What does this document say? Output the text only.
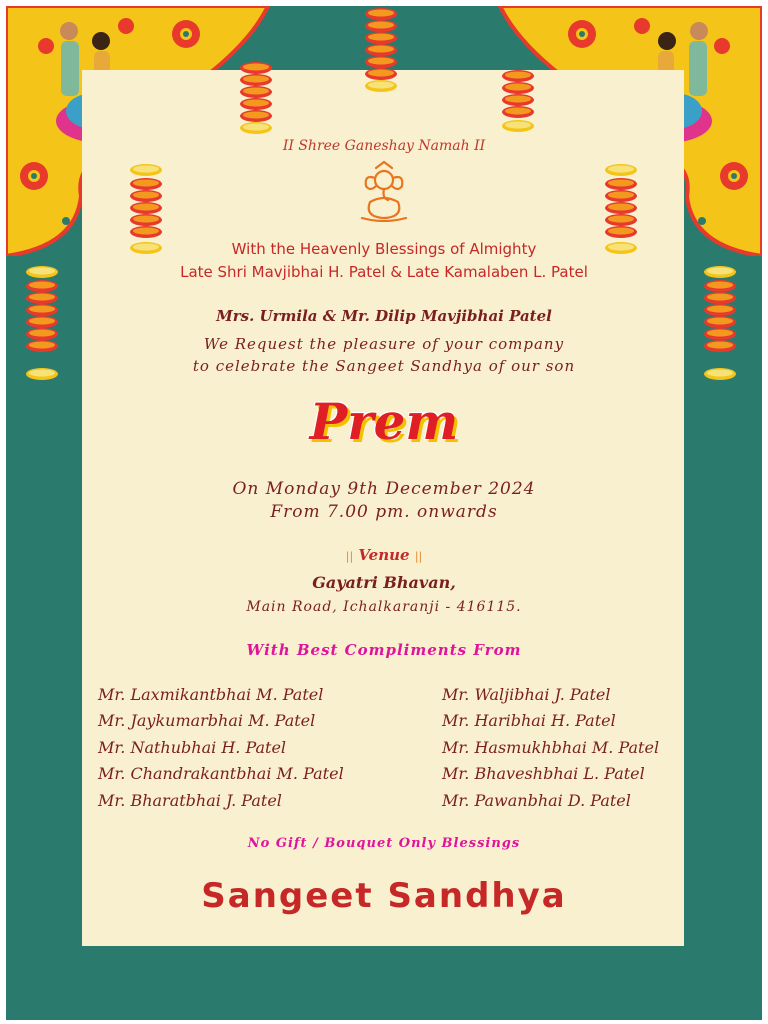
II Shree Ganeshay Namah II
With the Heavenly Blessings of Almighty
Late Shri Mavjibhai H. Patel & Late Kamalaben L. Patel
Mrs. Urmila & Mr. Dilip Mavjibhai Patel
We Request the pleasure of your company
to celebrate the Sangeet Sandhya of our son
Prem
On Monday 9th December 2024
From 7.00 pm. onwards
|| Venue ||
Gayatri Bhavan,
Main Road, Ichalkaranji - 416115.
With Best Compliments From
Mr. Laxmikantbhai M. Patel
Mr. Jaykumarbhai M. Patel
Mr. Nathubhai H. Patel
Mr. Chandrakantbhai M. Patel
Mr. Bharatbhai J. Patel
Mr. Waljibhai J. Patel
Mr. Haribhai H. Patel
Mr. Hasmukhbhai M. Patel
Mr. Bhaveshbhai L. Patel
Mr. Pawanbhai D. Patel
No Gift / Bouquet Only Blessings
Sangeet Sandhya
